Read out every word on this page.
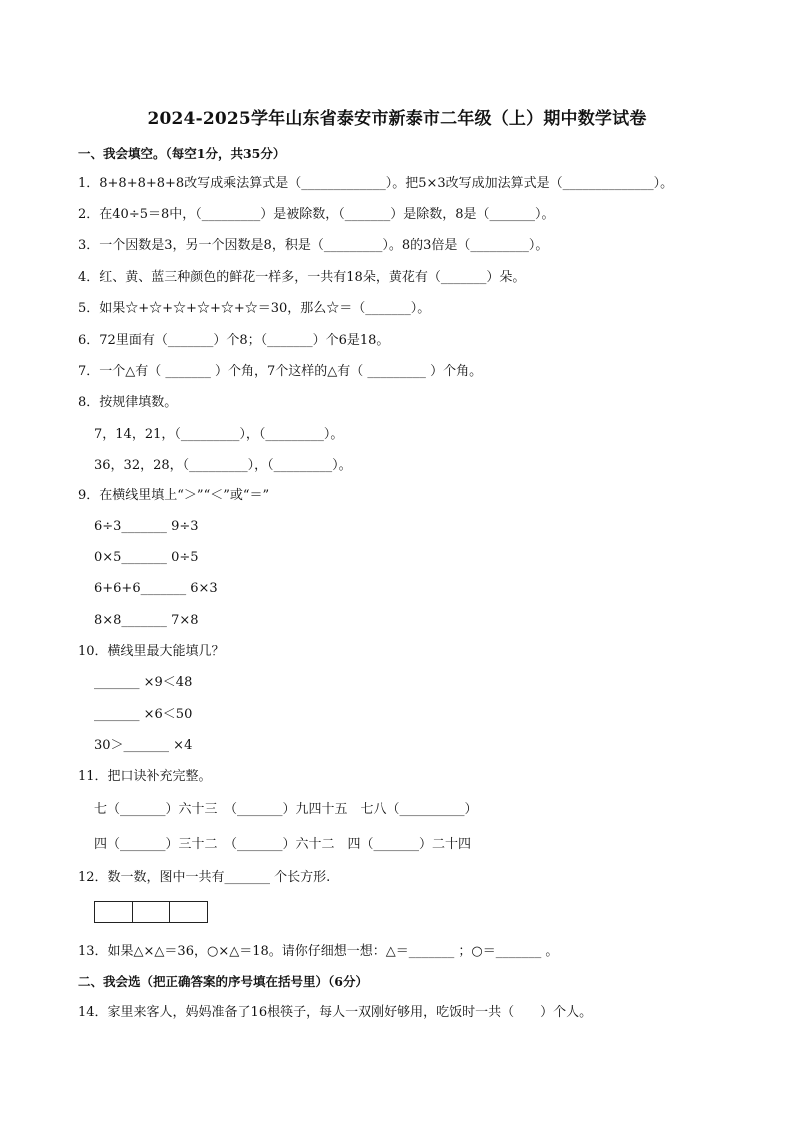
2024-2025学年山东省泰安市新泰市二年级（上）期中数学试卷
一、我会填空。（每空1分，共35分）
1．8+8+8+8+8改写成乘法算式是（_____________）。把5×3改写成加法算式是（______________）。
2．在40÷5＝8中，（_________）是被除数，（_______）是除数，8是（_______）。
3．一个因数是3，另一个因数是8，积是（_________）。8的3倍是（_________）。
4．红、黄、蓝三种颜色的鲜花一样多，一共有18朵，黄花有（_______）朵。
5．如果☆+☆+☆+☆+☆+☆＝30，那么☆＝（_______）。
6．72里面有（_______）个8；（_______）个6是18。
7．一个△有（ _______ ）个角，7个这样的△有（ _________ ）个角。
8．按规律填数。
7，14，21，（_________），（_________）。
36，32，28，（_________），（_________）。
9．在横线里填上“＞”“＜”或“＝”
6÷3_______ 9÷3
0×5_______ 0÷5
6+6+6_______ 6×3
8×8_______ 7×8
10．横线里最大能填几？
_______ ×9＜48
_______ ×6＜50
30＞_______ ×4
11．把口诀补充完整。
七（_______）六十三　（_______）九四十五　七八（__________）
四（_______）三十二　（_______）六十二　四（_______）二十四
12．数一数，图中一共有_______ 个长方形.
13．如果△×△＝36，○×△＝18。请你仔细想一想：△＝_______ ；○＝_______ 。
二、我会选（把正确答案的序号填在括号里）（6分）
14．家里来客人，妈妈准备了16根筷子，每人一双刚好够用，吃饭时一共（　　）个人。
